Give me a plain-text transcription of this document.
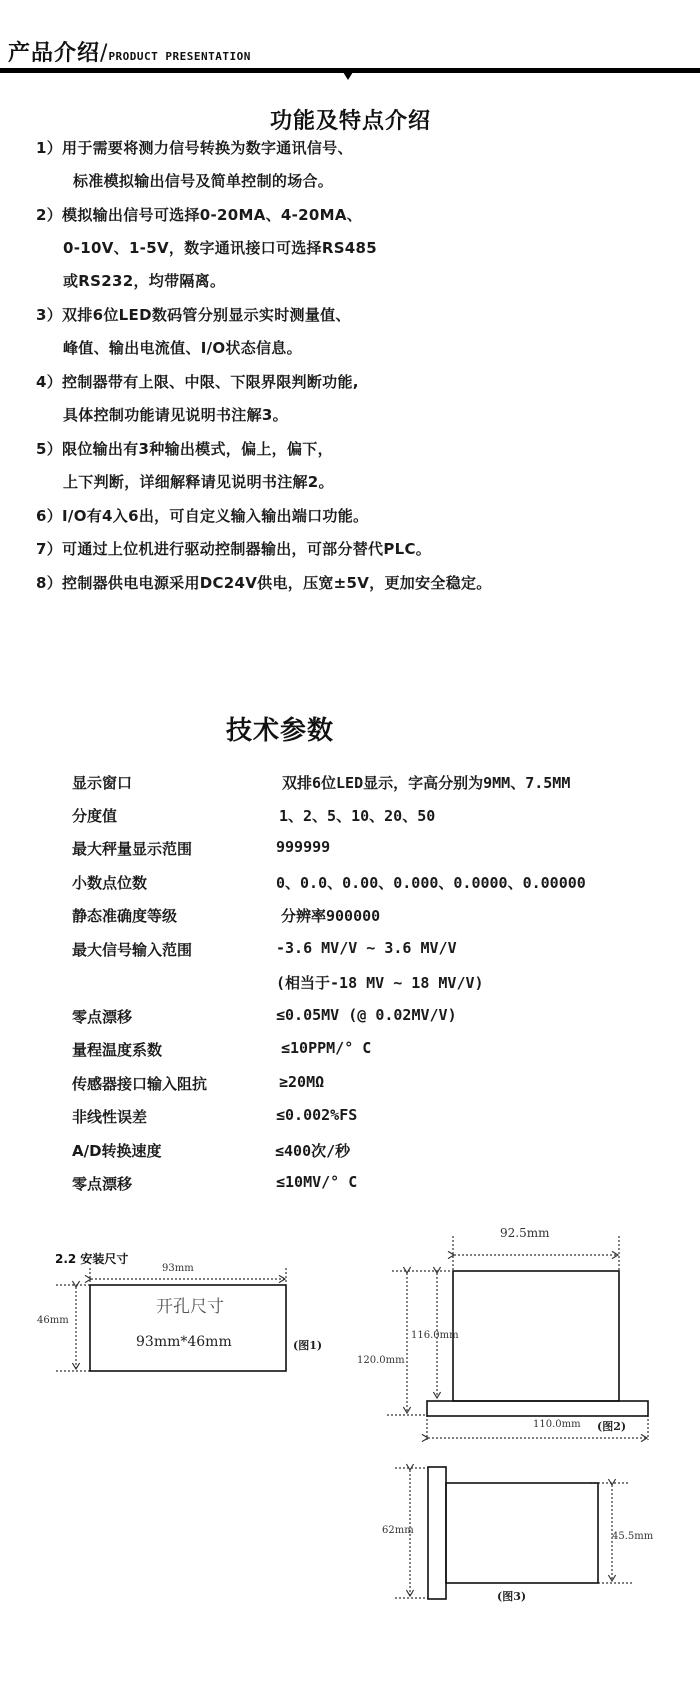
产品介绍/PRODUCT PRESENTATION
功能及特点介绍
1）用于需要将测力信号转换为数字通讯信号、
标准模拟输出信号及简单控制的场合。
2）模拟输出信号可选择0-20MA、4-20MA、
0-10V、1-5V，数字通讯接口可选择RS485
或RS232，均带隔离。
3）双排6位LED数码管分别显示实时测量值、
峰值、输出电流值、I/O状态信息。
4）控制器带有上限、中限、下限界限判断功能,
具体控制功能请见说明书注解3。
5）限位输出有3种输出模式，偏上，偏下，
上下判断，详细解释请见说明书注解2。
6）I/O有4入6出，可自定义输入输出端口功能。
7）可通过上位机进行驱动控制器输出，可部分替代PLC。
8）控制器供电电源采用DC24V供电，压宽±5V，更加安全稳定。
技术参数
显示窗口	双排6位LED显示，字高分别为9MM、7.5MM
分度值	1、2、5、10、20、50
最大秤量显示范围	999999
小数点位数	0、0.0、0.00、0.000、0.0000、0.00000
静态准确度等级	分辨率900000
最大信号输入范围	-3.6 MV/V ~ 3.6 MV/V
(相当于-18 MV ~ 18 MV/V)
零点漂移	≤0.05MV (@ 0.02MV/V)
量程温度系数	≤10PPM/° C
传感器接口输入阻抗	≥20MΩ
非线性误差	≤0.002%FS
A/D转换速度	≤400次/秒
零点漂移	≤10MV/° C
2.2 安装尺寸
93mm
46mm
开孔尺寸
93mm*46mm	(图1)
92.5mm
116.0mm
120.0mm
110.0mm (图2)
62mm
45.5mm
(图3)
